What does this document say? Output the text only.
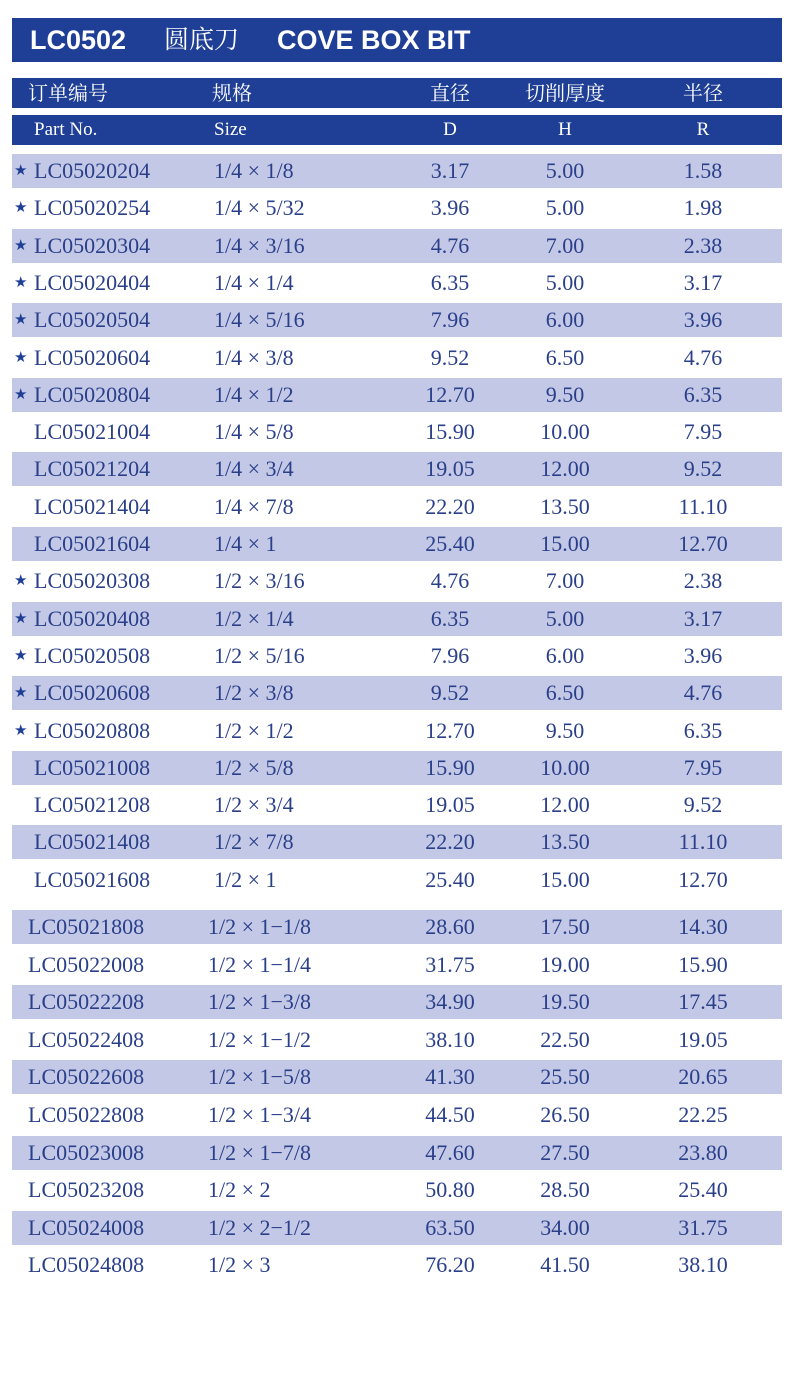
LC0502 圆底刀 COVE BOX BIT
订单编号	规格	直径	切削厚度	半径
Part No.	Size	D	H	R
★ LC05020204	1/4 × 1/8	3.17	5.00	1.58
★ LC05020254	1/4 × 5/32	3.96	5.00	1.98
★ LC05020304	1/4 × 3/16	4.76	7.00	2.38
★ LC05020404	1/4 × 1/4	6.35	5.00	3.17
★ LC05020504	1/4 × 5/16	7.96	6.00	3.96
★ LC05020604	1/4 × 3/8	9.52	6.50	4.76
★ LC05020804	1/4 × 1/2	12.70	9.50	6.35
LC05021004	1/4 × 5/8	15.90	10.00	7.95
LC05021204	1/4 × 3/4	19.05	12.00	9.52
LC05021404	1/4 × 7/8	22.20	13.50	11.10
LC05021604	1/4 × 1	25.40	15.00	12.70
★ LC05020308	1/2 × 3/16	4.76	7.00	2.38
★ LC05020408	1/2 × 1/4	6.35	5.00	3.17
★ LC05020508	1/2 × 5/16	7.96	6.00	3.96
★ LC05020608	1/2 × 3/8	9.52	6.50	4.76
★ LC05020808	1/2 × 1/2	12.70	9.50	6.35
LC05021008	1/2 × 5/8	15.90	10.00	7.95
LC05021208	1/2 × 3/4	19.05	12.00	9.52
LC05021408	1/2 × 7/8	22.20	13.50	11.10
LC05021608	1/2 × 1	25.40	15.00	12.70
LC05021808	1/2 × 1−1/8	28.60	17.50	14.30
LC05022008	1/2 × 1−1/4	31.75	19.00	15.90
LC05022208	1/2 × 1−3/8	34.90	19.50	17.45
LC05022408	1/2 × 1−1/2	38.10	22.50	19.05
LC05022608	1/2 × 1−5/8	41.30	25.50	20.65
LC05022808	1/2 × 1−3/4	44.50	26.50	22.25
LC05023008	1/2 × 1−7/8	47.60	27.50	23.80
LC05023208	1/2 × 2	50.80	28.50	25.40
LC05024008	1/2 × 2−1/2	63.50	34.00	31.75
LC05024808	1/2 × 3	76.20	41.50	38.10
